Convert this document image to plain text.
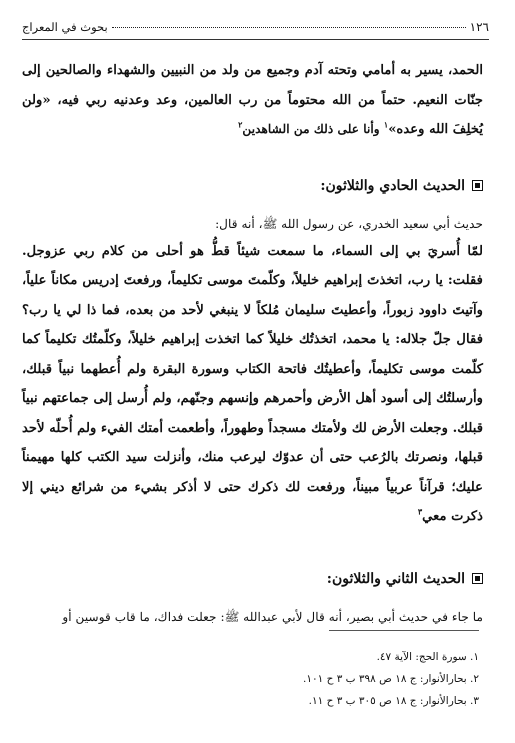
١٢٦
بحوث في المعراج

الحمد، يسير به أمامي وتحته آدم وجميع من ولد من النبيين والشهداء والصالحين إلى جنّات النعيم. حتماً من الله محتوماً من رب العالمين، وعد وعدنيه ربي فيه، «ولن يُخلِفَ الله وعده»$^١$ وأنا على ذلك من الشاهدين$^٢$

الحديث الحادي والثلاثون:

حديث أبي سعيد الخدري، عن رسول الله ﷺ، أنه قال:

لمّا أُسريَ بي إلى السماء، ما سمعت شيئاً قطُّ هو أحلى من كلام ربي عزوجل. فقلت: يا رب، اتخذتَ إبراهيم خليلاً، وكلّمتَ موسى تكليماً، ورفعتَ إدريس مكاناً علياً، وآتيتَ داوود زبوراً، وأعطيتَ سليمان مُلكاً لا ينبغي لأحد من بعده، فما ذا لي يا رب؟ فقال جلّ جلاله: يا محمد، اتخذتُك خليلاً كما اتخذت إبراهيم خليلاً، وكلّمتُك تكليماً كما كلّمت موسى تكليماً، وأعطيتُك فاتحة الكتاب وسورة البقرة ولم أُعطهما نبياً قبلك، وأرسلتُك إلى أسود أهل الأرض وأحمرهم وإنسهم وجنّهم، ولم أُرسل إلى جماعتهم نبياً قبلك. وجعلت الأرض لك ولأمتك مسجداً وطهوراً، وأطعمت أمتك الفيء ولم أُحلّه لأحد قبلها، ونصرتك بالرُعب حتى أن عدوّك ليرعب منك، وأنزلت سيد الكتب كلها مهيمناً عليك؛ قرآناً عربياً مبيناً، ورفعت لك ذكرك حتى لا أذكر بشيء من شرائع ديني إلا ذكرت معي$^٣$

الحديث الثاني والثلاثون:

ما جاء في حديث أبي بصير، أنه قال لأبي عبدالله ﷺ: جعلت فداك، ما قاب قوسين أو

١. سورة الحج: الآية ٤٧.
٢. بحارالأنوار: ج ١٨ ص ٣٩٨ ب ٣ ح ١٠١.
٣. بحارالأنوار: ج ١٨ ص ٣٠٥ ب ٣ ح ١١.
